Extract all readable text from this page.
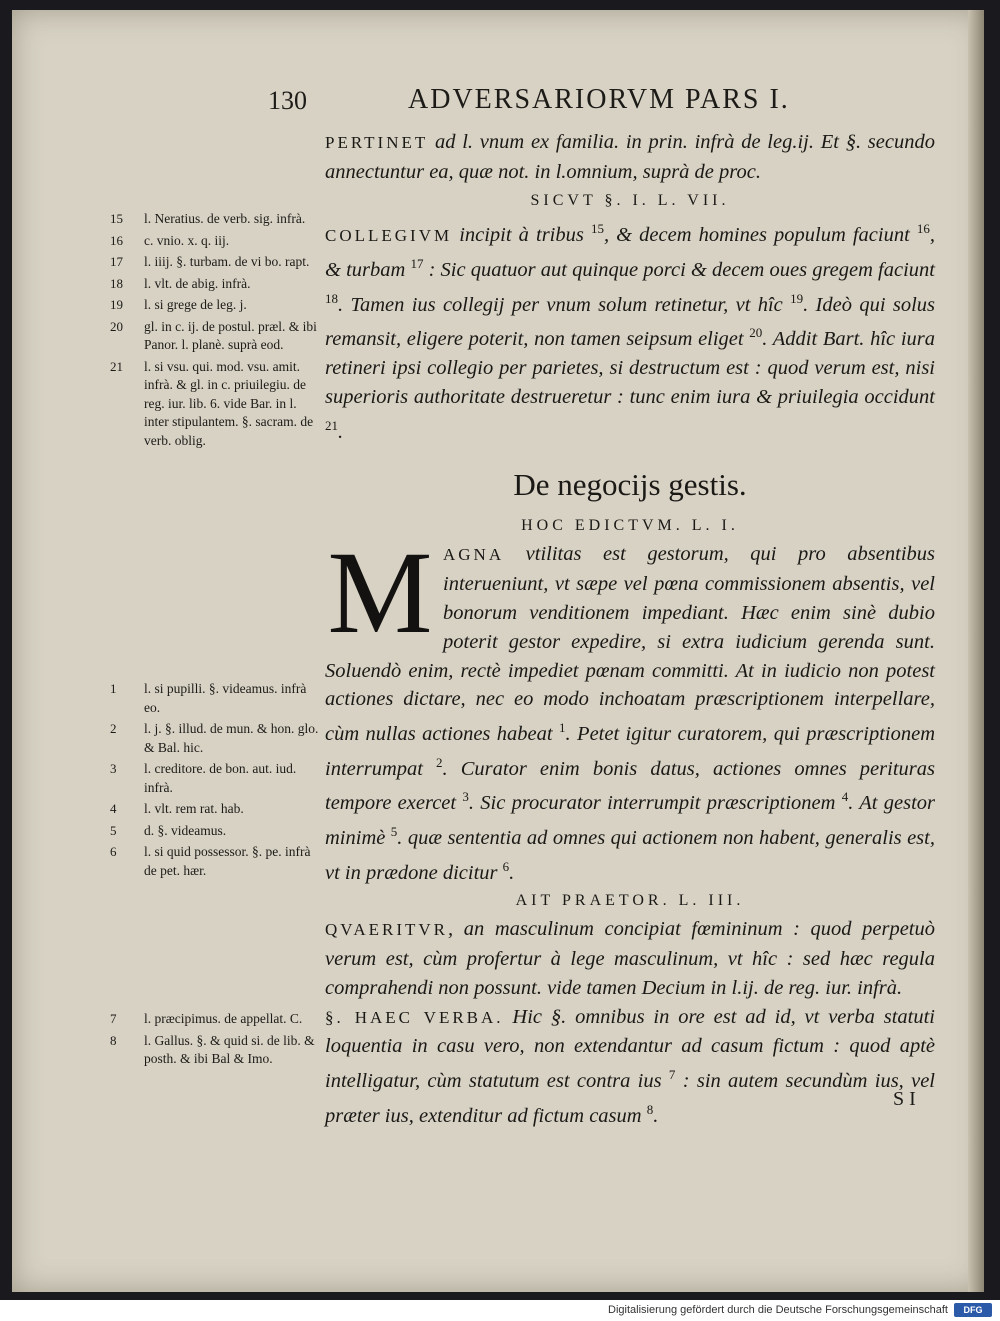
130	ADVERSARIORVM PARS I.
15 l. Neratius. de verb. sig. infrà.
16 c. vnio. x. q. iij.
17 l. iiij. §. turbam. de vi bo. rapt.
18 l. vlt. de abig. infrà.
19 l. si grege de leg. j.
20 gl. in c. ij. de postul. præl. & ibi Panor. l. planè. suprà eod.
21 l. si vsu. qui. mod. vsu. amit. infrà. & gl. in c. priuilegiu. de reg. iur. lib. 6. vide Bar. in l. inter stipulantem. §. sacram. de verb. oblig.
1 l. si pupilli. §. videamus. infrà eo.
2 l. j. §. illud. de mun. & hon. glo. & Bal. hic.
3 l. creditore. de bon. aut. iud. infrà.
4 l. vlt. rem rat. hab.
5 d. §. videamus.
6 l. si quid possessor. §. pe. infrà de pet. hær.
7 l. præcipimus. de appellat. C.
8 l. Gallus. §. & quid si. de lib. & posth. & ibi Bal & Imo.

PERTINET ad l. vnum ex familia. in prin. infrà de leg.ij. Et §. secundo annectuntur ea, quæ not. in l.omnium, suprà de proc.

SICVT §. I. L. VII.

COLLEGIVM incipit à tribus $^{15}$, & decem homines populum faciunt $^{16}$, & turbam $^{17}$ : Sic quatuor aut quinque porci & decem oues gregem faciunt $^{18}$. Tamen ius collegij per vnum solum retinetur, vt hîc $^{19}$. Ideò qui solus remansit, eligere poterit, non tamen seipsum eliget $^{20}$. Addit Bart. hîc iura retineri ipsi collegio per parietes, si destructum est : quod verum est, nisi superioris authoritate destrueretur : tunc enim iura & priuilegia occidunt $^{21}$.

De negocijs gestis.
HOC EDICTVM. L. I.
M AGNA vtilitas est gestorum, qui pro absentibus interueniunt, vt sæpe vel pœna commissionem absentis, vel bonorum venditionem impediant. Hæc enim sinè dubio poterit gestor expedire, si extra iudicium gerenda sunt. Soluendò enim, rectè impediet pœnam committi. At in iudicio non potest actiones dictare, nec eo modo inchoatam præscriptionem interpellare, cùm nullas actiones habeat $^1$. Petet igitur curatorem, qui præscriptionem interrumpat $^2$. Curator enim bonis datus, actiones omnes perituras tempore exercet $^3$. Sic procurator interrumpit præscriptionem $^4$. At gestor minimè $^5$. quæ sententia ad omnes qui actionem non habent, generalis est, vt in prædone dicitur $^6$.

AIT PRAETOR. L. III.

QVAERITVR, an masculinum concipiat fœmininum : quod perpetuò verum est, cùm profertur à lege masculinum, vt hîc : sed hæc regula comprahendi non possunt. vide tamen Decium in l.ij. de reg. iur. infrà.

§. HAEC VERBA. Hic §. omnibus in ore est ad id, vt verba statuti loquentia in casu vero, non extendantur ad casum fictum : quod aptè intelligatur, cùm statutum est contra ius $^7$ : sin autem secundùm ius, vel præter ius, extenditur ad fictum casum $^8$.

S I
Digitalisierung gefördert durch die Deutsche Forschungsgemeinschaft	DFG
